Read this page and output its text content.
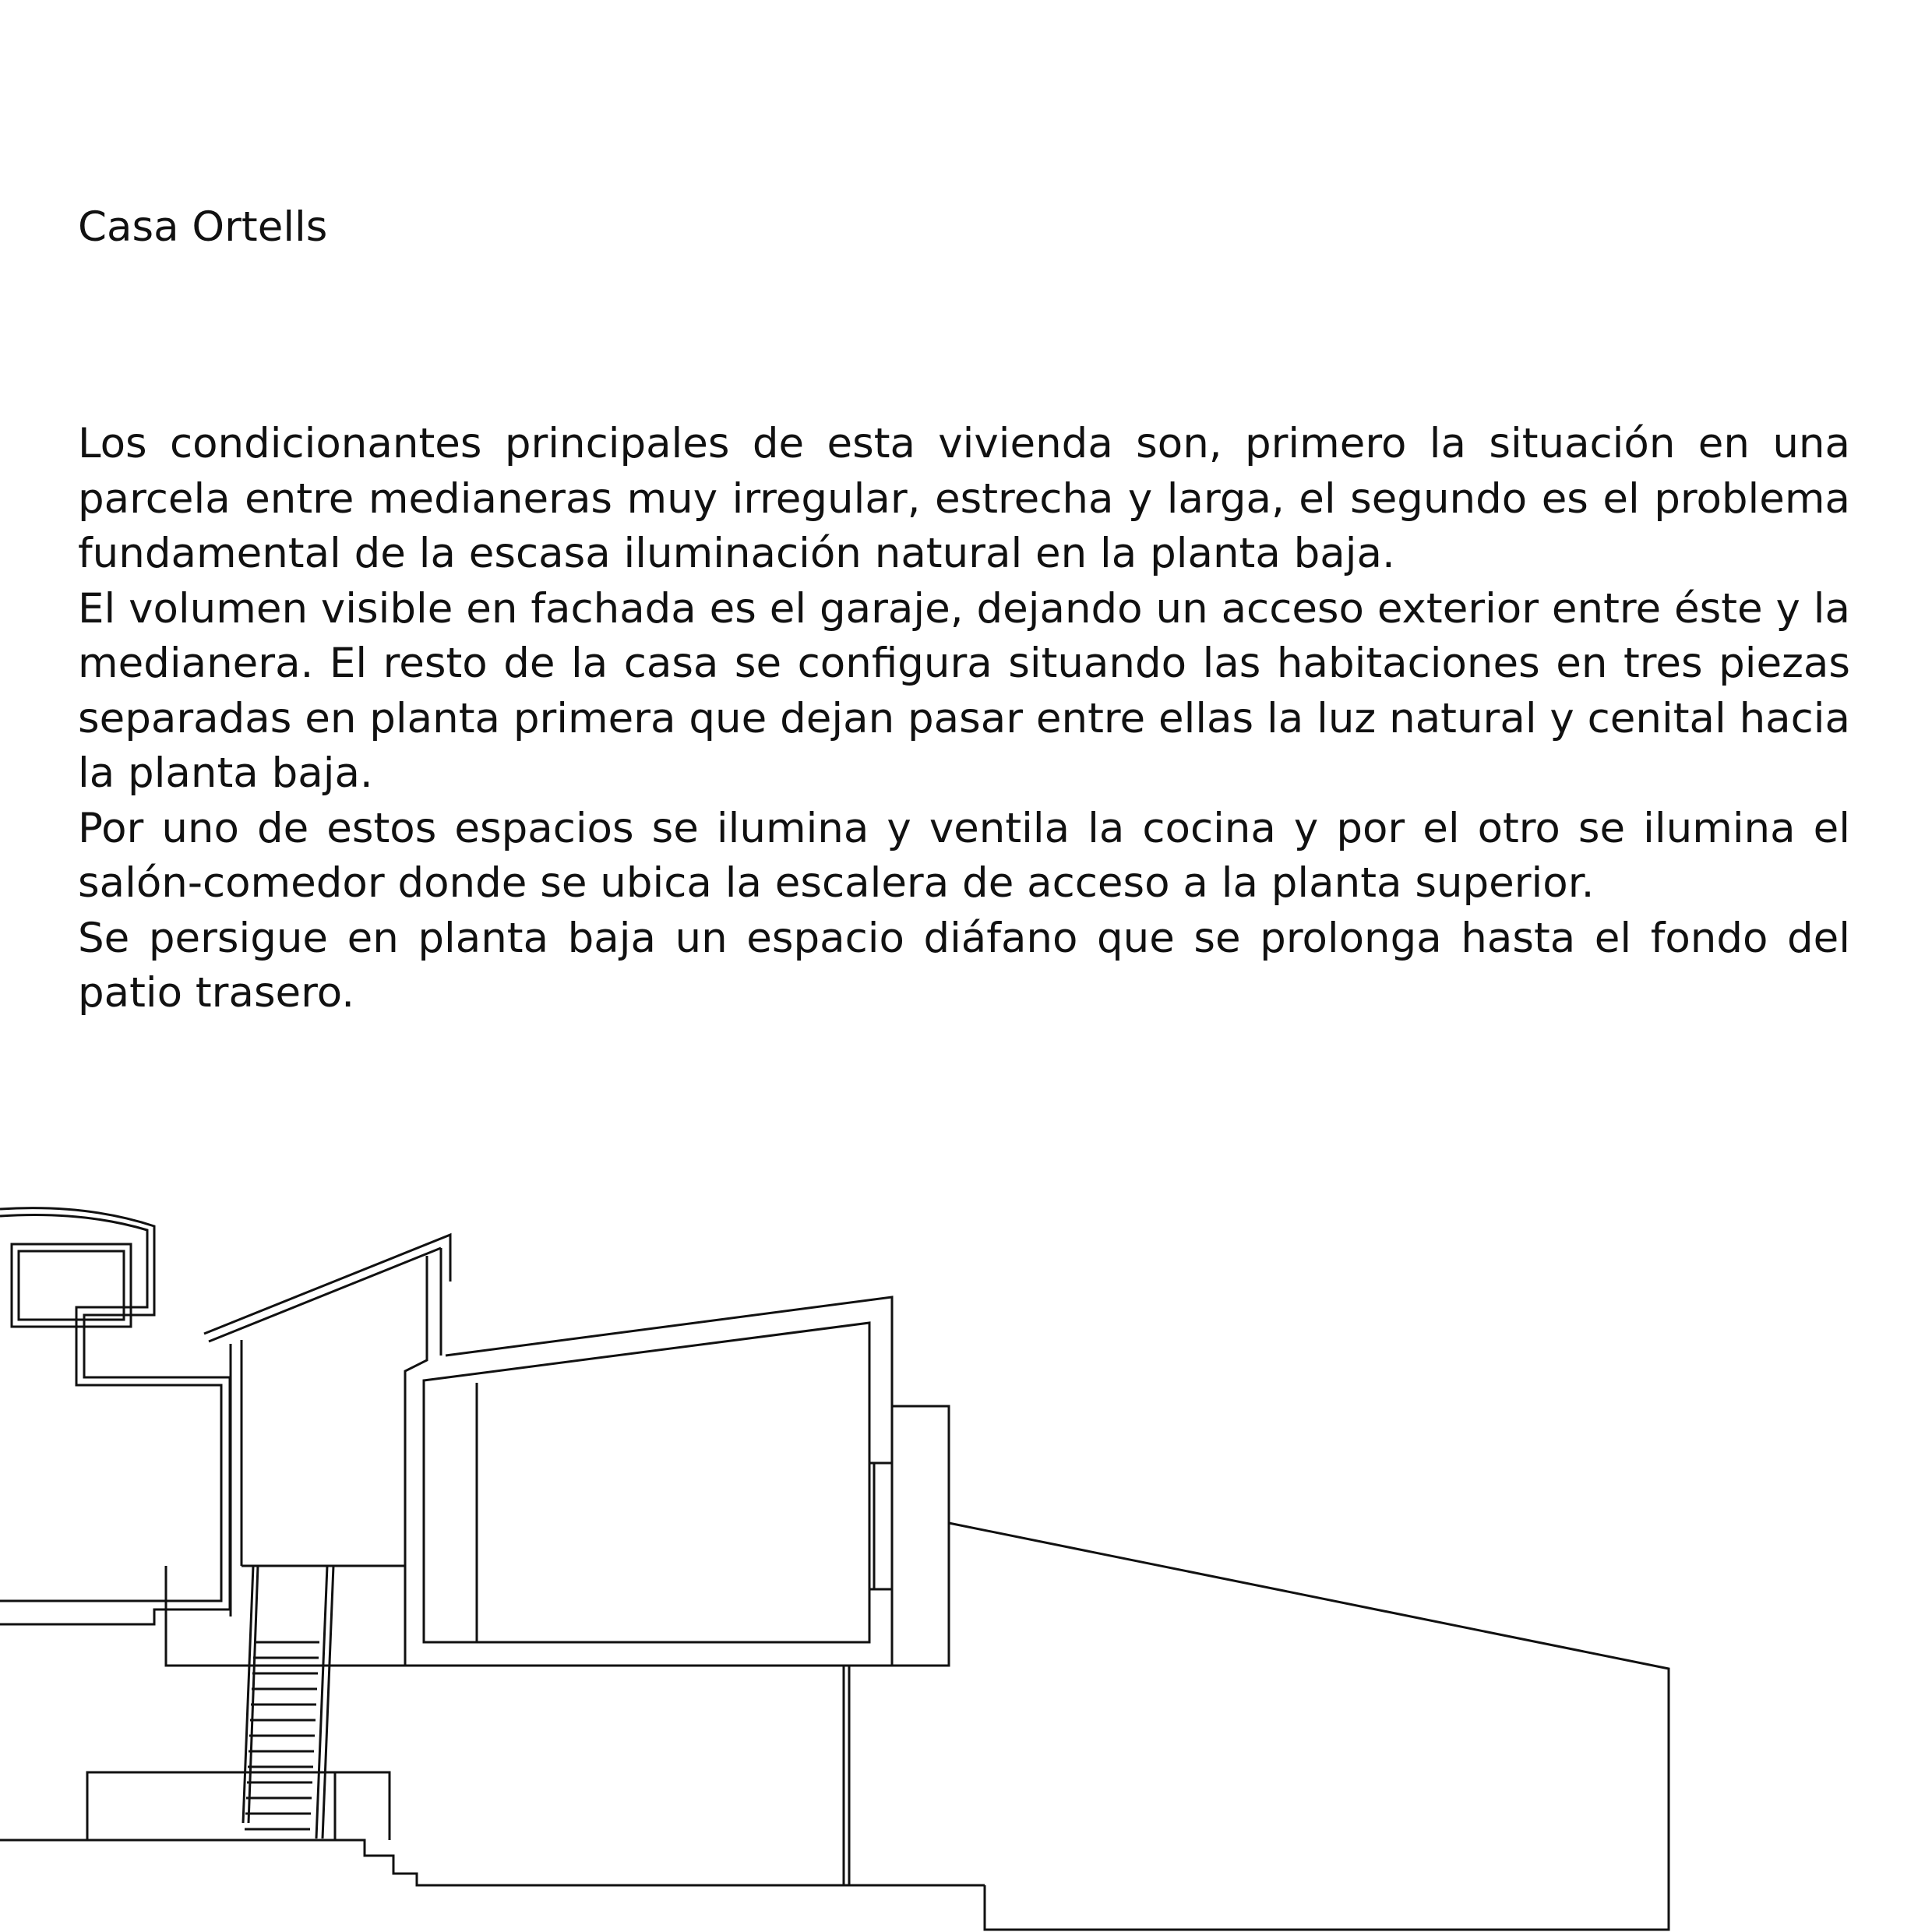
Casa Ortells

Los condicionantes principales de esta vivienda son, primero la situación en una parcela entre medianeras muy irregular, estrecha y larga, el segundo es el problema fundamental de la escasa iluminación natural en la planta baja.

El volumen visible en fachada es el garaje, dejando un acceso exterior entre éste y la medianera. El resto de la casa se configura situando las habitaciones en tres piezas separadas en planta primera que dejan pasar entre ellas la luz natural y cenital hacia la planta baja.

Por uno de estos espacios se ilumina y ventila la cocina y por el otro se ilumina el salón-comedor donde se ubica la escalera de acceso a la planta superior.

Se persigue en planta baja un espacio diáfano que se prolonga hasta el fondo del patio trasero.
